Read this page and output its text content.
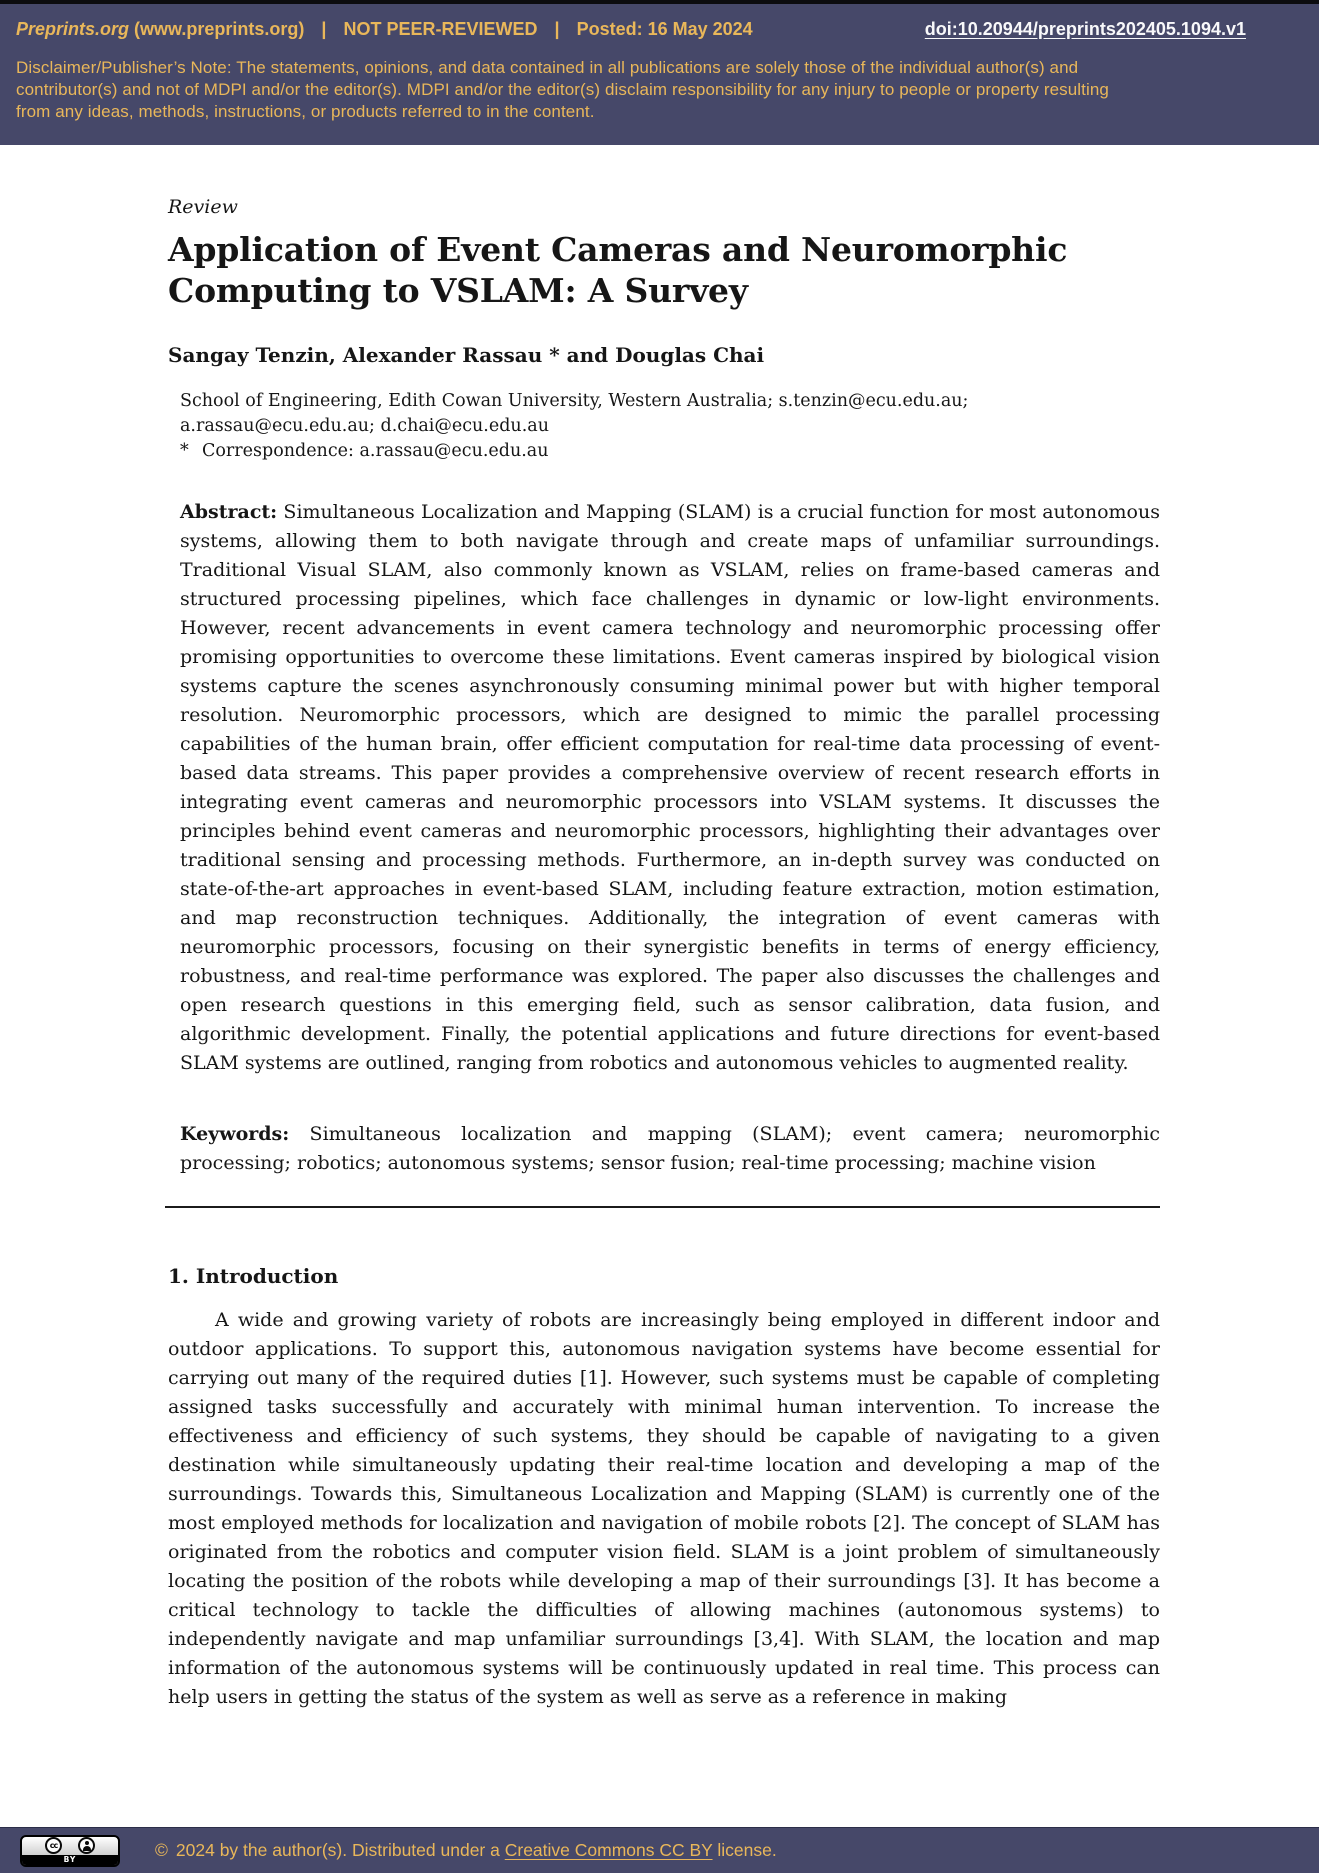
Preprints.org (www.preprints.org) | NOT PEER-REVIEWED | Posted: 16 May 2024	doi:10.20944/preprints202405.1094.v1
Disclaimer/Publisher’s Note: The statements, opinions, and data contained in all publications are solely those of the individual author(s) and
contributor(s) and not of MDPI and/or the editor(s). MDPI and/or the editor(s) disclaim responsibility for any injury to people or property resulting
from any ideas, methods, instructions, or products referred to in the content.
Review
Application of Event Cameras and Neuromorphic
Computing to VSLAM: A Survey
Sangay Tenzin, Alexander Rassau * and Douglas Chai
School of Engineering, Edith Cowan University, Western Australia; s.tenzin@ecu.edu.au;
a.rassau@ecu.edu.au; d.chai@ecu.edu.au
* Correspondence: a.rassau@ecu.edu.au

Abstract: Simultaneous Localization and Mapping (SLAM) is a crucial function for most autonomous systems, allowing them to both navigate through and create maps of unfamiliar surroundings. Traditional Visual SLAM, also commonly known as VSLAM, relies on frame-based cameras and structured processing pipelines, which face challenges in dynamic or low-light environments. However, recent advancements in event camera technology and neuromorphic processing offer promising opportunities to overcome these limitations. Event cameras inspired by biological vision systems capture the scenes asynchronously consuming minimal power but with higher temporal resolution. Neuromorphic processors, which are designed to mimic the parallel processing capabilities of the human brain, offer efficient computation for real-time data processing of event-based data streams. This paper provides a comprehensive overview of recent research efforts in integrating event cameras and neuromorphic processors into VSLAM systems. It discusses the principles behind event cameras and neuromorphic processors, highlighting their advantages over traditional sensing and processing methods. Furthermore, an in-depth survey was conducted on state-of-the-art approaches in event-based SLAM, including feature extraction, motion estimation, and map reconstruction techniques. Additionally, the integration of event cameras with neuromorphic processors, focusing on their synergistic benefits in terms of energy efficiency, robustness, and real-time performance was explored. The paper also discusses the challenges and open research questions in this emerging field, such as sensor calibration, data fusion, and algorithmic development. Finally, the potential applications and future directions for event-based SLAM systems are outlined, ranging from robotics and autonomous vehicles to augmented reality.

Keywords: Simultaneous localization and mapping (SLAM); event camera; neuromorphic processing; robotics; autonomous systems; sensor fusion; real-time processing; machine vision

1. Introduction

A wide and growing variety of robots are increasingly being employed in different indoor and outdoor applications. To support this, autonomous navigation systems have become essential for carrying out many of the required duties [1]. However, such systems must be capable of completing assigned tasks successfully and accurately with minimal human intervention. To increase the effectiveness and efficiency of such systems, they should be capable of navigating to a given destination while simultaneously updating their real-time location and developing a map of the surroundings. Towards this, Simultaneous Localization and Mapping (SLAM) is currently one of the most employed methods for localization and navigation of mobile robots [2]. The concept of SLAM has originated from the robotics and computer vision field. SLAM is a joint problem of simultaneously locating the position of the robots while developing a map of their surroundings [3]. It has become a critical technology to tackle the difficulties of allowing machines (autonomous systems) to independently navigate and map unfamiliar surroundings [3,4]. With SLAM, the location and map information of the autonomous systems will be continuously updated in real time. This process can help users in getting the status of the system as well as serve as a reference in making

cc
BY	© 2024 by the author(s). Distributed under a Creative Commons CC BY license.
